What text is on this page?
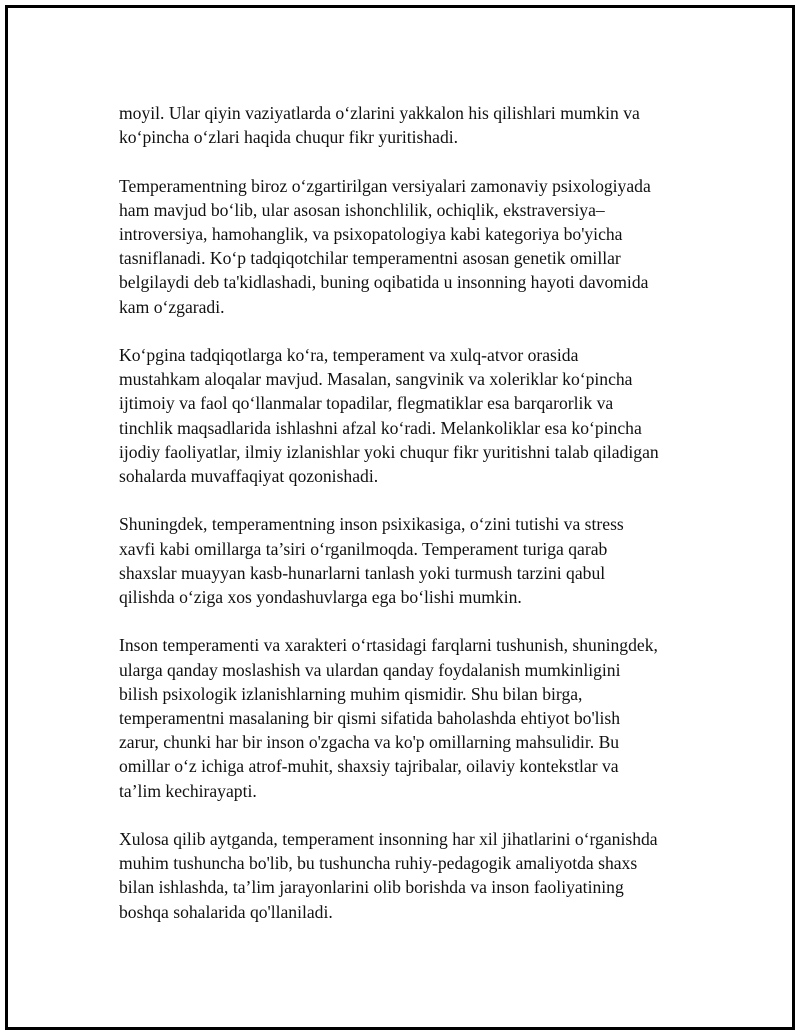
moyil. Ular qiyin vaziyatlarda o‘zlarini yakkalon his qilishlari mumkin va
ko‘pincha o‘zlari haqida chuqur fikr yuritishadi.

Temperamentning biroz o‘zgartirilgan versiyalari zamonaviy psixologiyada
ham mavjud bo‘lib, ular asosan ishonchlilik, ochiqlik, ekstraversiya–
introversiya, hamohanglik, va psixopatologiya kabi kategoriya bo'yicha
tasniflanadi. Ko‘p tadqiqotchilar temperamentni asosan genetik omillar
belgilaydi deb ta'kidlashadi, buning oqibatida u insonning hayoti davomida
kam o‘zgaradi.

Ko‘pgina tadqiqotlarga ko‘ra, temperament va xulq-atvor orasida
mustahkam aloqalar mavjud. Masalan, sangvinik va xoleriklar ko‘pincha
ijtimoiy va faol qo‘llanmalar topadilar, flegmatiklar esa barqarorlik va
tinchlik maqsadlarida ishlashni afzal ko‘radi. Melankoliklar esa ko‘pincha
ijodiy faoliyatlar, ilmiy izlanishlar yoki chuqur fikr yuritishni talab qiladigan
sohalarda muvaffaqiyat qozonishadi.

Shuningdek, temperamentning inson psixikasiga, o‘zini tutishi va stress
xavfi kabi omillarga ta’siri o‘rganilmoqda. Temperament turiga qarab
shaxslar muayyan kasb-hunarlarni tanlash yoki turmush tarzini qabul
qilishda o‘ziga xos yondashuvlarga ega bo‘lishi mumkin.

Inson temperamenti va xarakteri o‘rtasidagi farqlarni tushunish, shuningdek,
ularga qanday moslashish va ulardan qanday foydalanish mumkinligini
bilish psixologik izlanishlarning muhim qismidir. Shu bilan birga,
temperamentni masalaning bir qismi sifatida baholashda ehtiyot bo'lish
zarur, chunki har bir inson o'zgacha va ko'p omillarning mahsulidir. Bu
omillar o‘z ichiga atrof-muhit, shaxsiy tajribalar, oilaviy kontekstlar va
ta’lim kechirayapti.

Xulosa qilib aytganda, temperament insonning har xil jihatlarini o‘rganishda
muhim tushuncha bo'lib, bu tushuncha ruhiy-pedagogik amaliyotda shaxs
bilan ishlashda, ta’lim jarayonlarini olib borishda va inson faoliyatining
boshqa sohalarida qo'llaniladi.
